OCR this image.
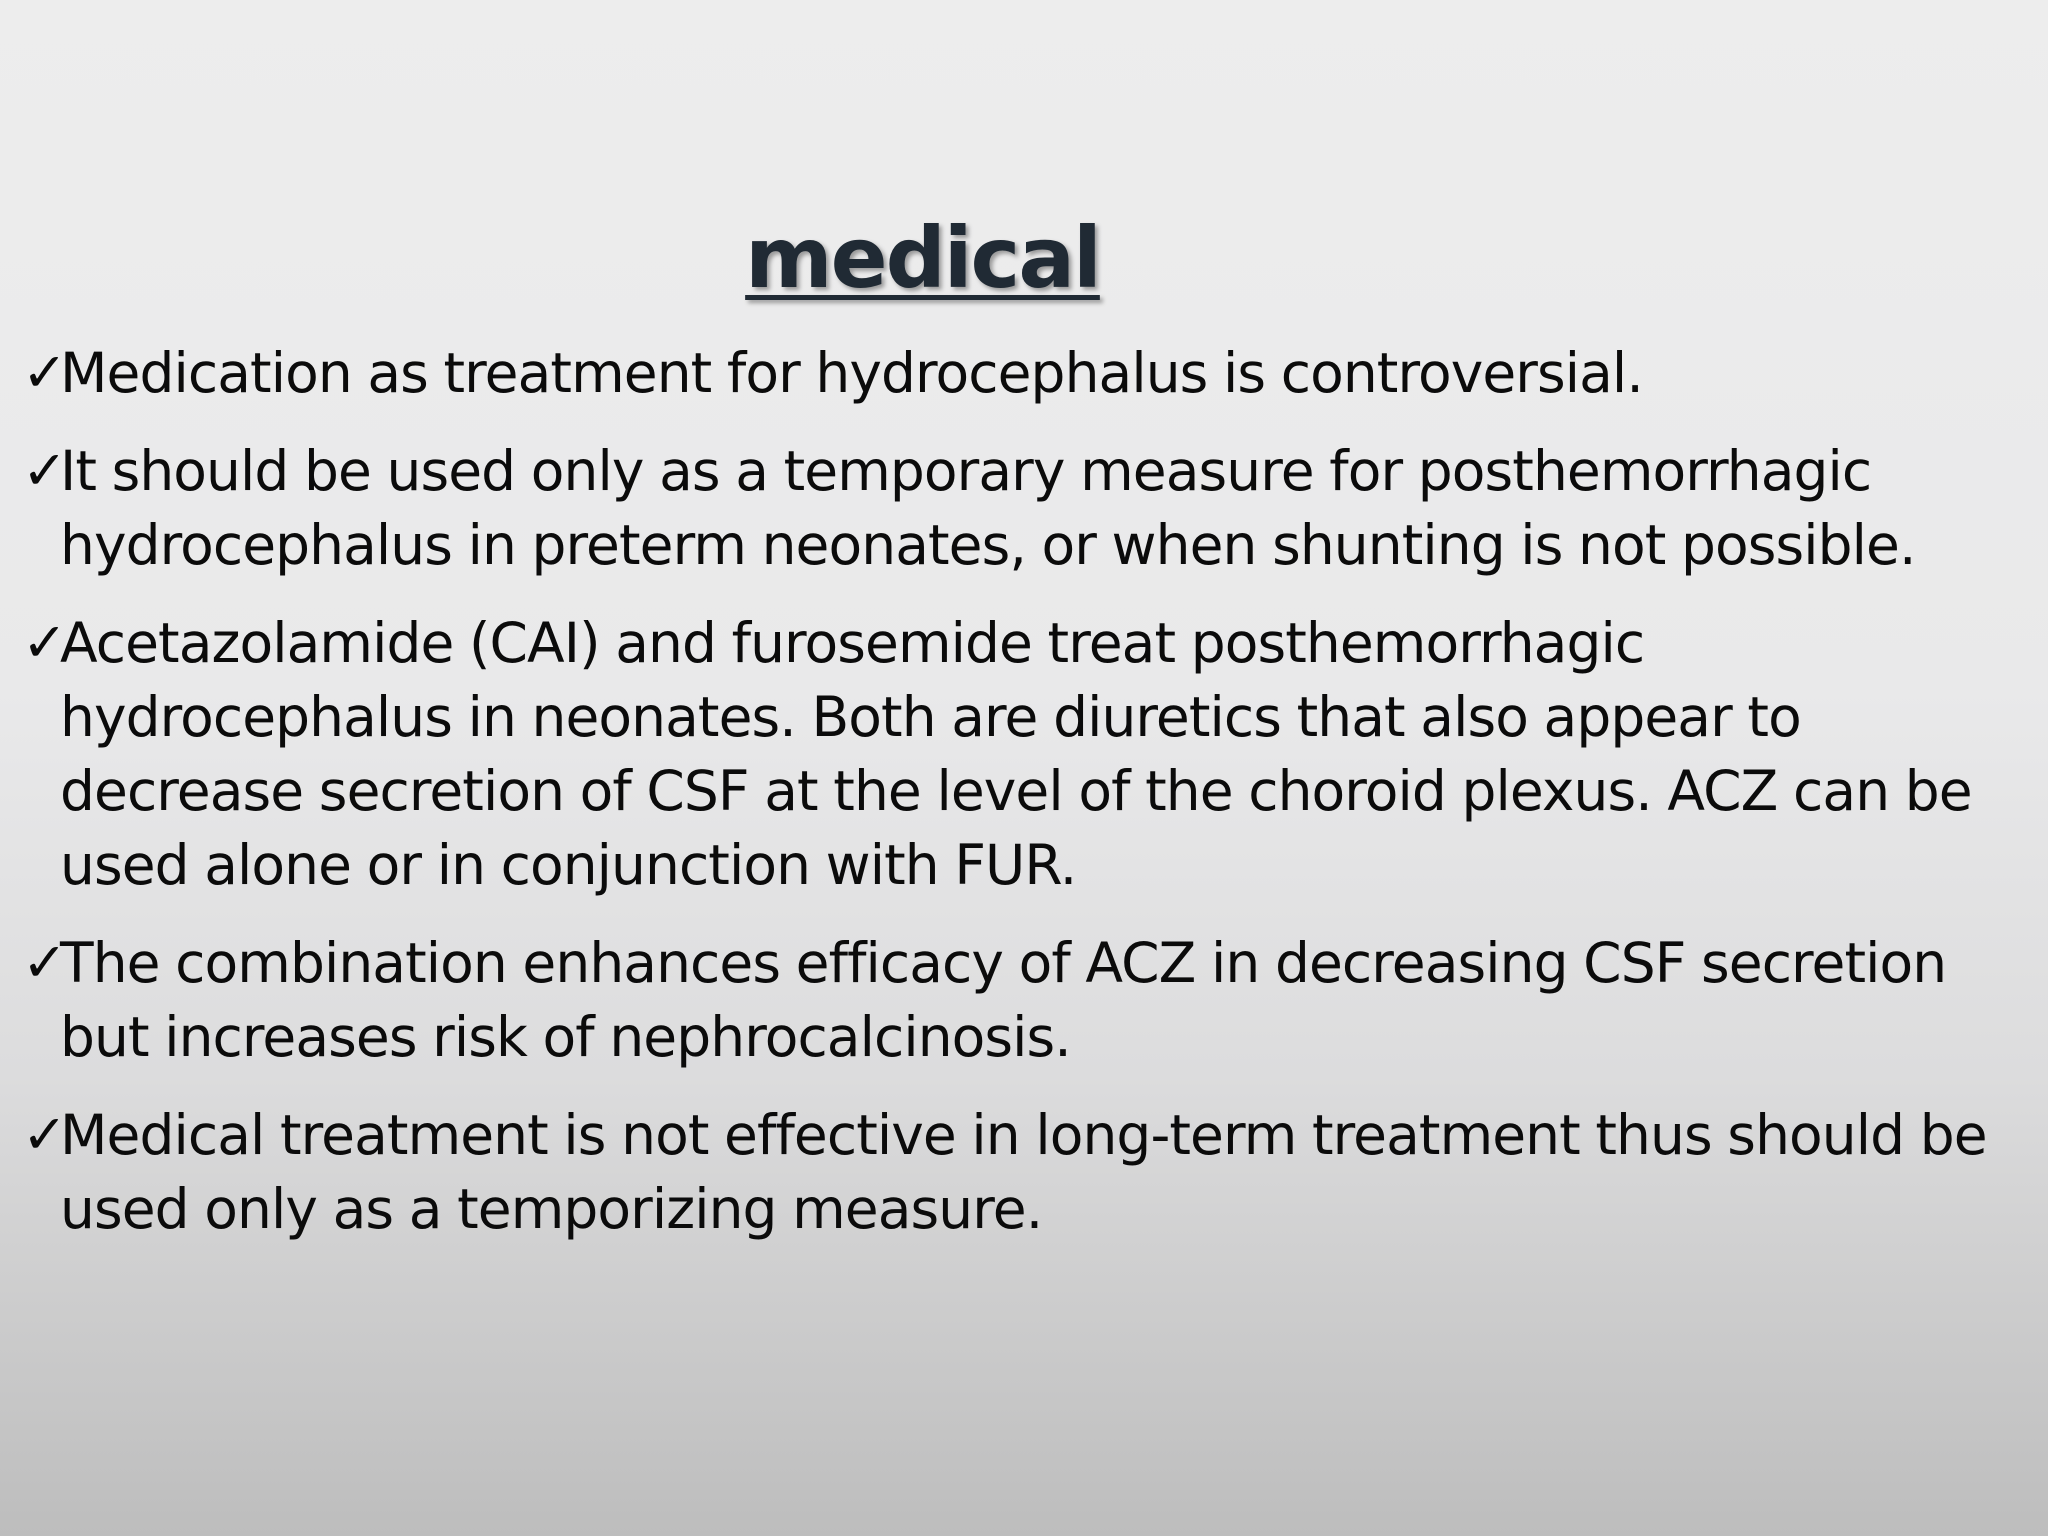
medical
✓
Medication as treatment for hydrocephalus is controversial.
✓
It should be used only as a temporary measure for posthemorrhagic hydrocephalus in preterm neonates, or when shunting is not possible.
✓
Acetazolamide (CAI) and furosemide treat posthemorrhagic hydrocephalus in neonates. Both are diuretics that also appear to decrease secretion of CSF at the level of the choroid plexus. ACZ can be used alone or in conjunction with FUR.
✓
The combination enhances efficacy of ACZ in decreasing CSF secretion but increases risk of nephrocalcinosis.
✓
Medical treatment is not effective in long-term treatment thus should be used only as a temporizing measure.
